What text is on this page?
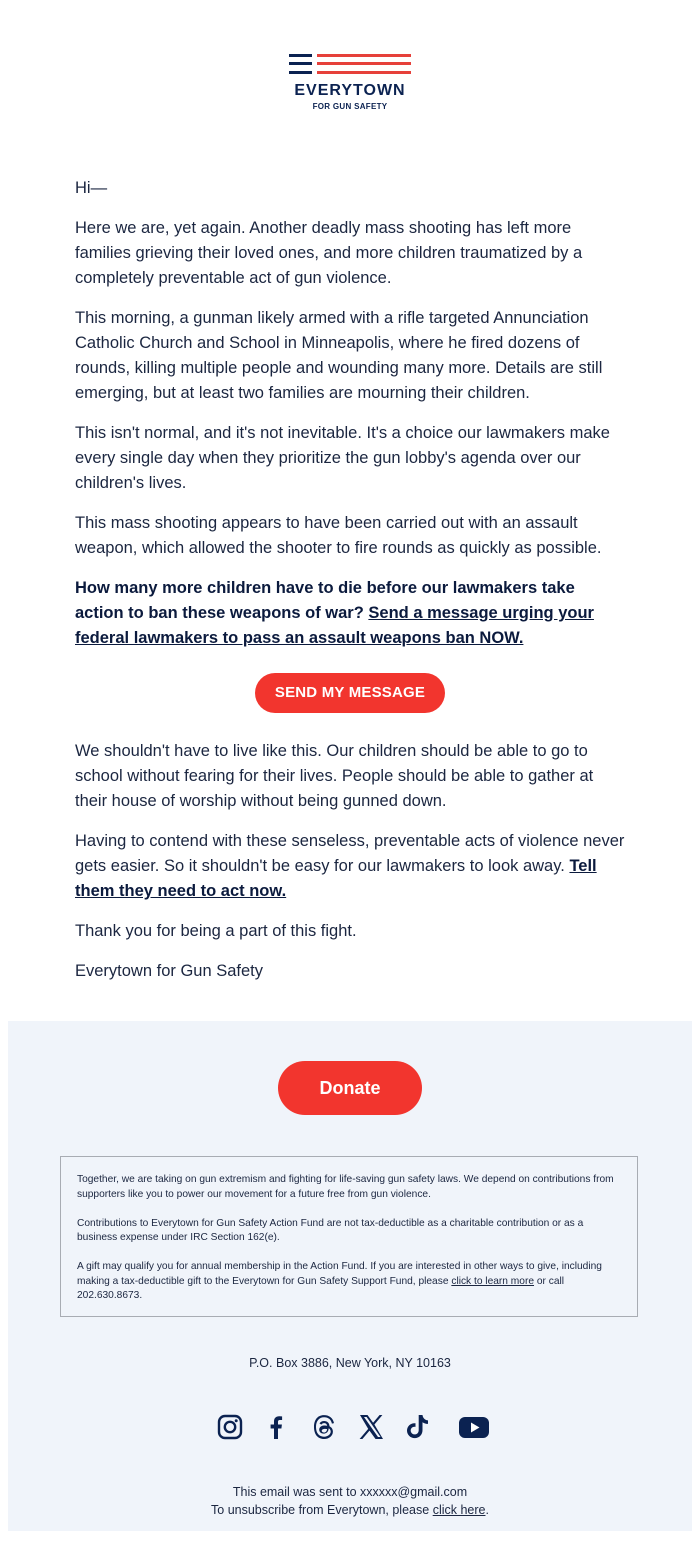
EVERYTOWN
FOR GUN SAFETY

Hi—

Here we are, yet again. Another deadly mass shooting has left more families grieving their loved ones, and more children traumatized by a completely preventable act of gun violence.

This morning, a gunman likely armed with a rifle targeted Annunciation Catholic Church and School in Minneapolis, where he fired dozens of rounds, killing multiple people and wounding many more. Details are still emerging, but at least two families are mourning their children.

This isn't normal, and it's not inevitable. It's a choice our lawmakers make every single day when they prioritize the gun lobby's agenda over our children's lives.

This mass shooting appears to have been carried out with an assault weapon, which allowed the shooter to fire rounds as quickly as possible.

How many more children have to die before our lawmakers take action to ban these weapons of war? Send a message urging your federal lawmakers to pass an assault weapons ban NOW.

SEND MY MESSAGE

We shouldn't have to live like this. Our children should be able to go to school without fearing for their lives. People should be able to gather at their house of worship without being gunned down.

Having to contend with these senseless, preventable acts of violence never gets easier. So it shouldn't be easy for our lawmakers to look away. Tell them they need to act now.

Thank you for being a part of this fight.

Everytown for Gun Safety

Donate

Together, we are taking on gun extremism and fighting for life-saving gun safety laws. We depend on contributions from supporters like you to power our movement for a future free from gun violence.

Contributions to Everytown for Gun Safety Action Fund are not tax-deductible as a charitable contribution or as a business expense under IRC Section 162(e).

A gift may qualify you for annual membership in the Action Fund. If you are interested in other ways to give, including making a tax-deductible gift to the Everytown for Gun Safety Support Fund, please click to learn more or call 202.630.8673.

P.O. Box 3886, New York, NY 10163
This email was sent to xxxxxx@gmail.com
To unsubscribe from Everytown, please click here.
